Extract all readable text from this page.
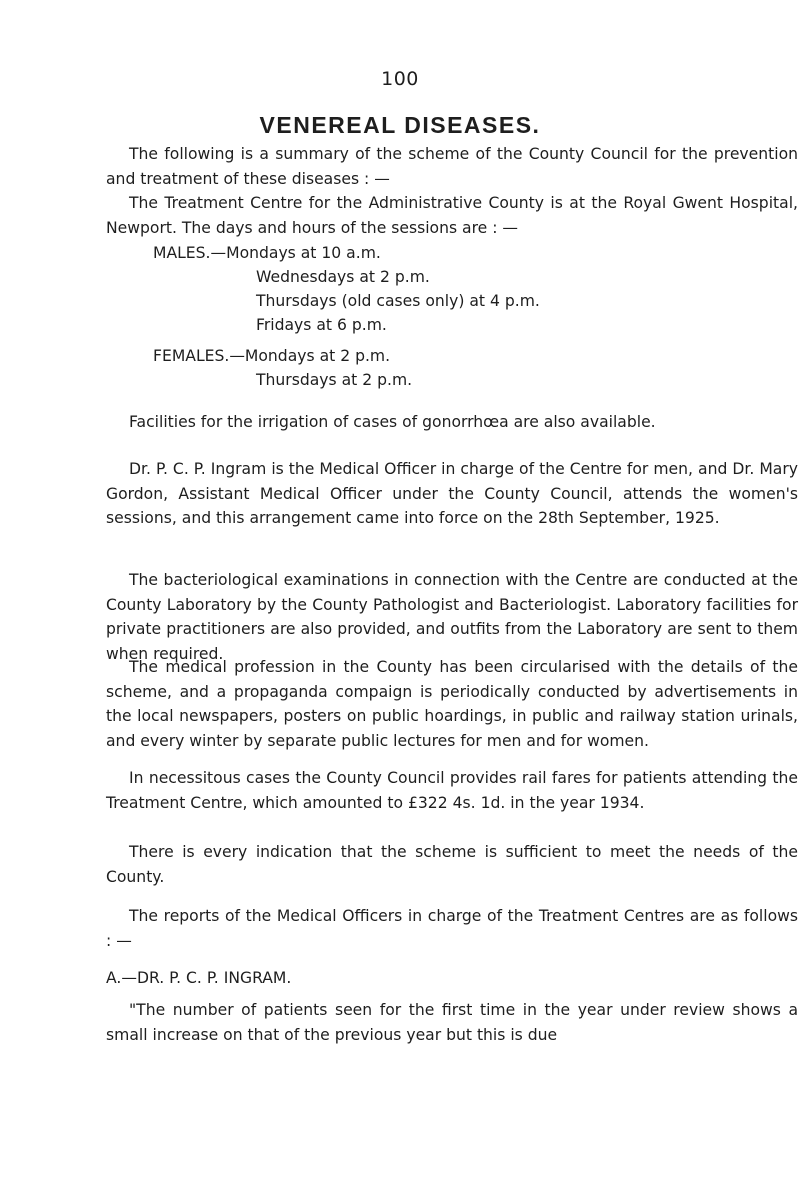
100
VENEREAL DISEASES.

The following is a summary of the scheme of the County Council for the prevention and treatment of these diseases : —

The Treatment Centre for the Administrative County is at the Royal Gwent Hospital, Newport. The days and hours of the sessions are : —

MALES.—Mondays at 10 a.m.

Wednesdays at 2 p.m.

Thursdays (old cases only) at 4 p.m.

Fridays at 6 p.m.

FEMALES.—Mondays at 2 p.m.

Thursdays at 2 p.m.

Facilities for the irrigation of cases of gonorrhœa are also available.

Dr. P. C. P. Ingram is the Medical Officer in charge of the Centre for men, and Dr. Mary Gordon, Assistant Medical Officer under the County Council, attends the women's sessions, and this arrangement came into force on the 28th September, 1925.

The bacteriological examinations in connection with the Centre are conducted at the County Laboratory by the County Pathologist and Bacteriologist. Laboratory facilities for private practitioners are also provided, and outfits from the Laboratory are sent to them when required.

The medical profession in the County has been circularised with the details of the scheme, and a propaganda compaign is periodically conducted by advertisements in the local newspapers, posters on public hoardings, in public and railway station urinals, and every winter by separate public lectures for men and for women.

In necessitous cases the County Council provides rail fares for patients attending the Treatment Centre, which amounted to £322 4s. 1d. in the year 1934.

There is every indication that the scheme is sufficient to meet the needs of the County.

The reports of the Medical Officers in charge of the Treatment Centres are as follows : —

A.—DR. P. C. P. INGRAM.

"The number of patients seen for the first time in the year under review shows a small increase on that of the previous year but this is due
